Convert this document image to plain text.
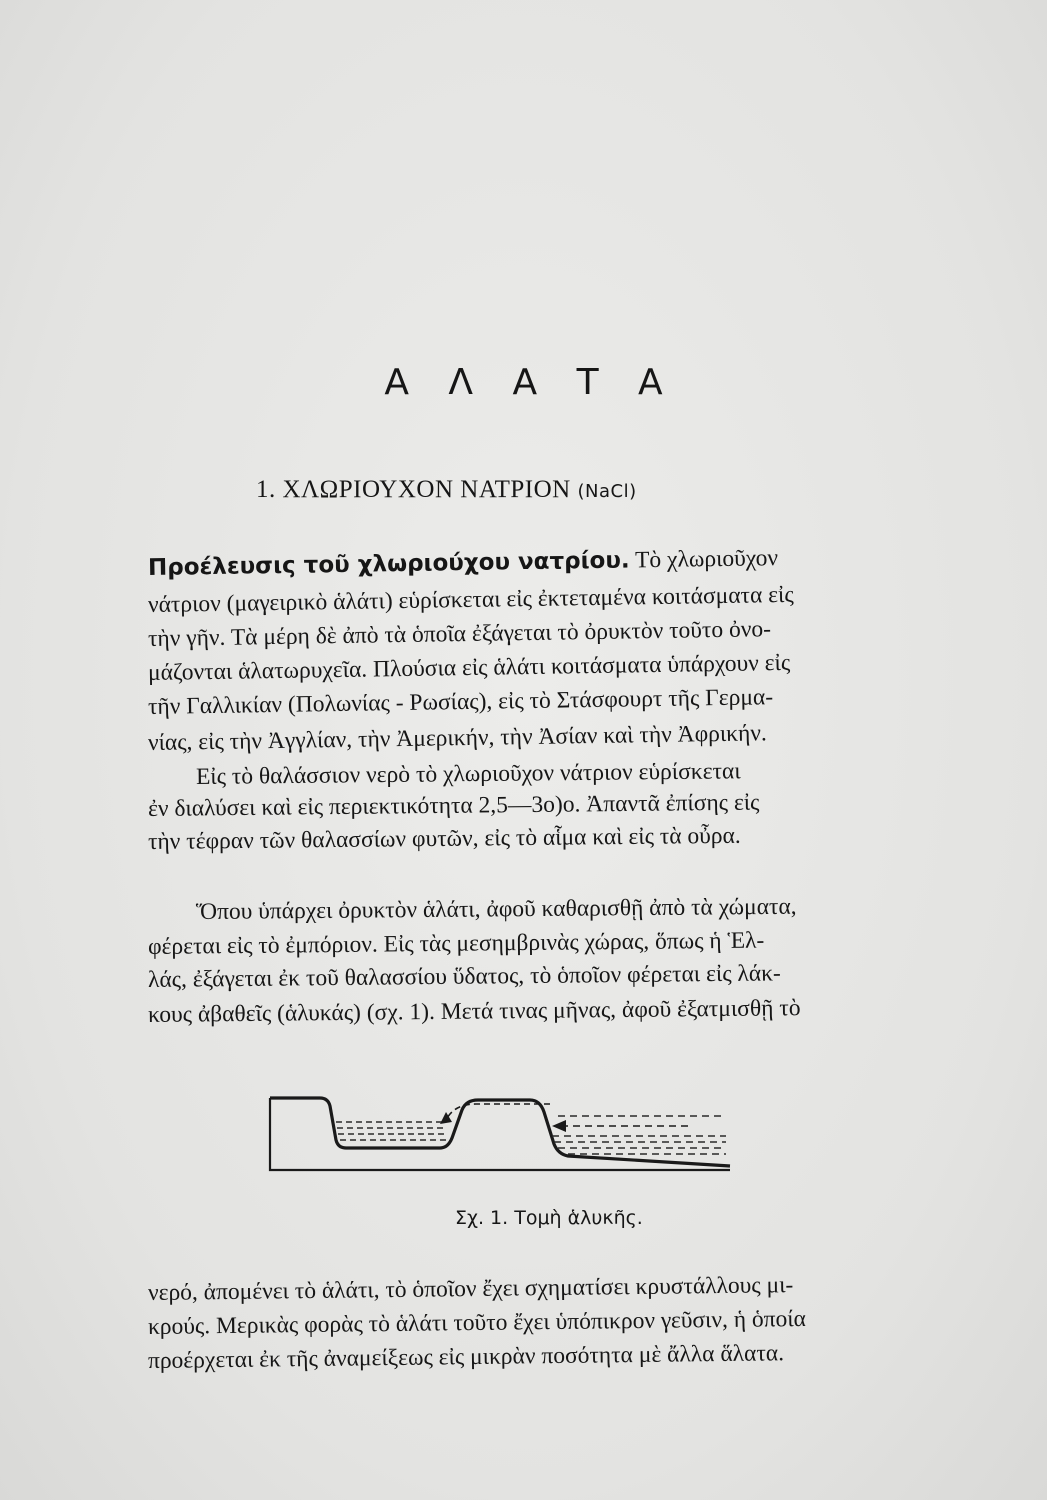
Α Λ Α Τ Α
1. ΧΛΩΡΙΟΥΧΟΝ ΝΑΤΡΙΟΝ (NaCl)
Προέλευσις τοῦ χλωριούχου νατρίου. Τὸ χλωριοῦχον
νάτριον (μαγειρικὸ ἁλάτι) εὑρίσκεται εἰς ἐκτεταμένα κοιτάσματα εἰς
τὴν γῆν. Τὰ μέρη δὲ ἀπὸ τὰ ὁποῖα ἐξάγεται τὸ ὀρυκτὸν τοῦτο ὀνο-
μάζονται ἁλατωρυχεῖα. Πλούσια εἰς ἁλάτι κοιτάσματα ὑπάρχουν εἰς
τῆν Γαλλικίαν (Πολωνίας - Ρωσίας), εἰς τὸ Στάσφουρτ τῆς Γερμα-
νίας, εἰς τὴν Ἀγγλίαν, τὴν Ἀμερικήν, τὴν Ἀσίαν καὶ τὴν Ἀφρικήν.
Εἰς τὸ θαλάσσιον νερὸ τὸ χλωριοῦχον νάτριον εὑρίσκεται
ἐν διαλύσει καὶ εἰς περιεκτικότητα 2,5—3ο)ο. Ἀπαντᾶ ἐπίσης εἰς
τὴν τέφραν τῶν θαλασσίων φυτῶν, εἰς τὸ αἷμα καὶ εἰς τὰ οὖρα.
Ὅπου ὑπάρχει ὀρυκτὸν ἁλάτι, ἀφοῦ καθαρισθῇ ἀπὸ τὰ χώματα,
φέρεται εἰς τὸ ἐμπόριον. Εἰς τὰς μεσημβρινὰς χώρας, ὅπως ἡ Ἑλ-
λάς, ἐξάγεται ἐκ τοῦ θαλασσίου ὕδατος, τὸ ὁποῖον φέρεται εἰς λάκ-
κους ἀβαθεῖς (ἁλυκάς) (σχ. 1). Μετά τινας μῆνας, ἀφοῦ ἐξατμισθῇ τὸ
Σχ. 1. Τομὴ ἁλυκῆς.
νερό, ἀπομένει τὸ ἁλάτι, τὸ ὁποῖον ἔχει σχηματίσει κρυστάλλους μι-
κρούς. Μερικὰς φορὰς τὸ ἁλάτι τοῦτο ἔχει ὑπόπικρον γεῦσιν, ἡ ὁποία
προέρχεται ἐκ τῆς ἀναμείξεως εἰς μικρὰν ποσότητα μὲ ἄλλα ἅλατα.
